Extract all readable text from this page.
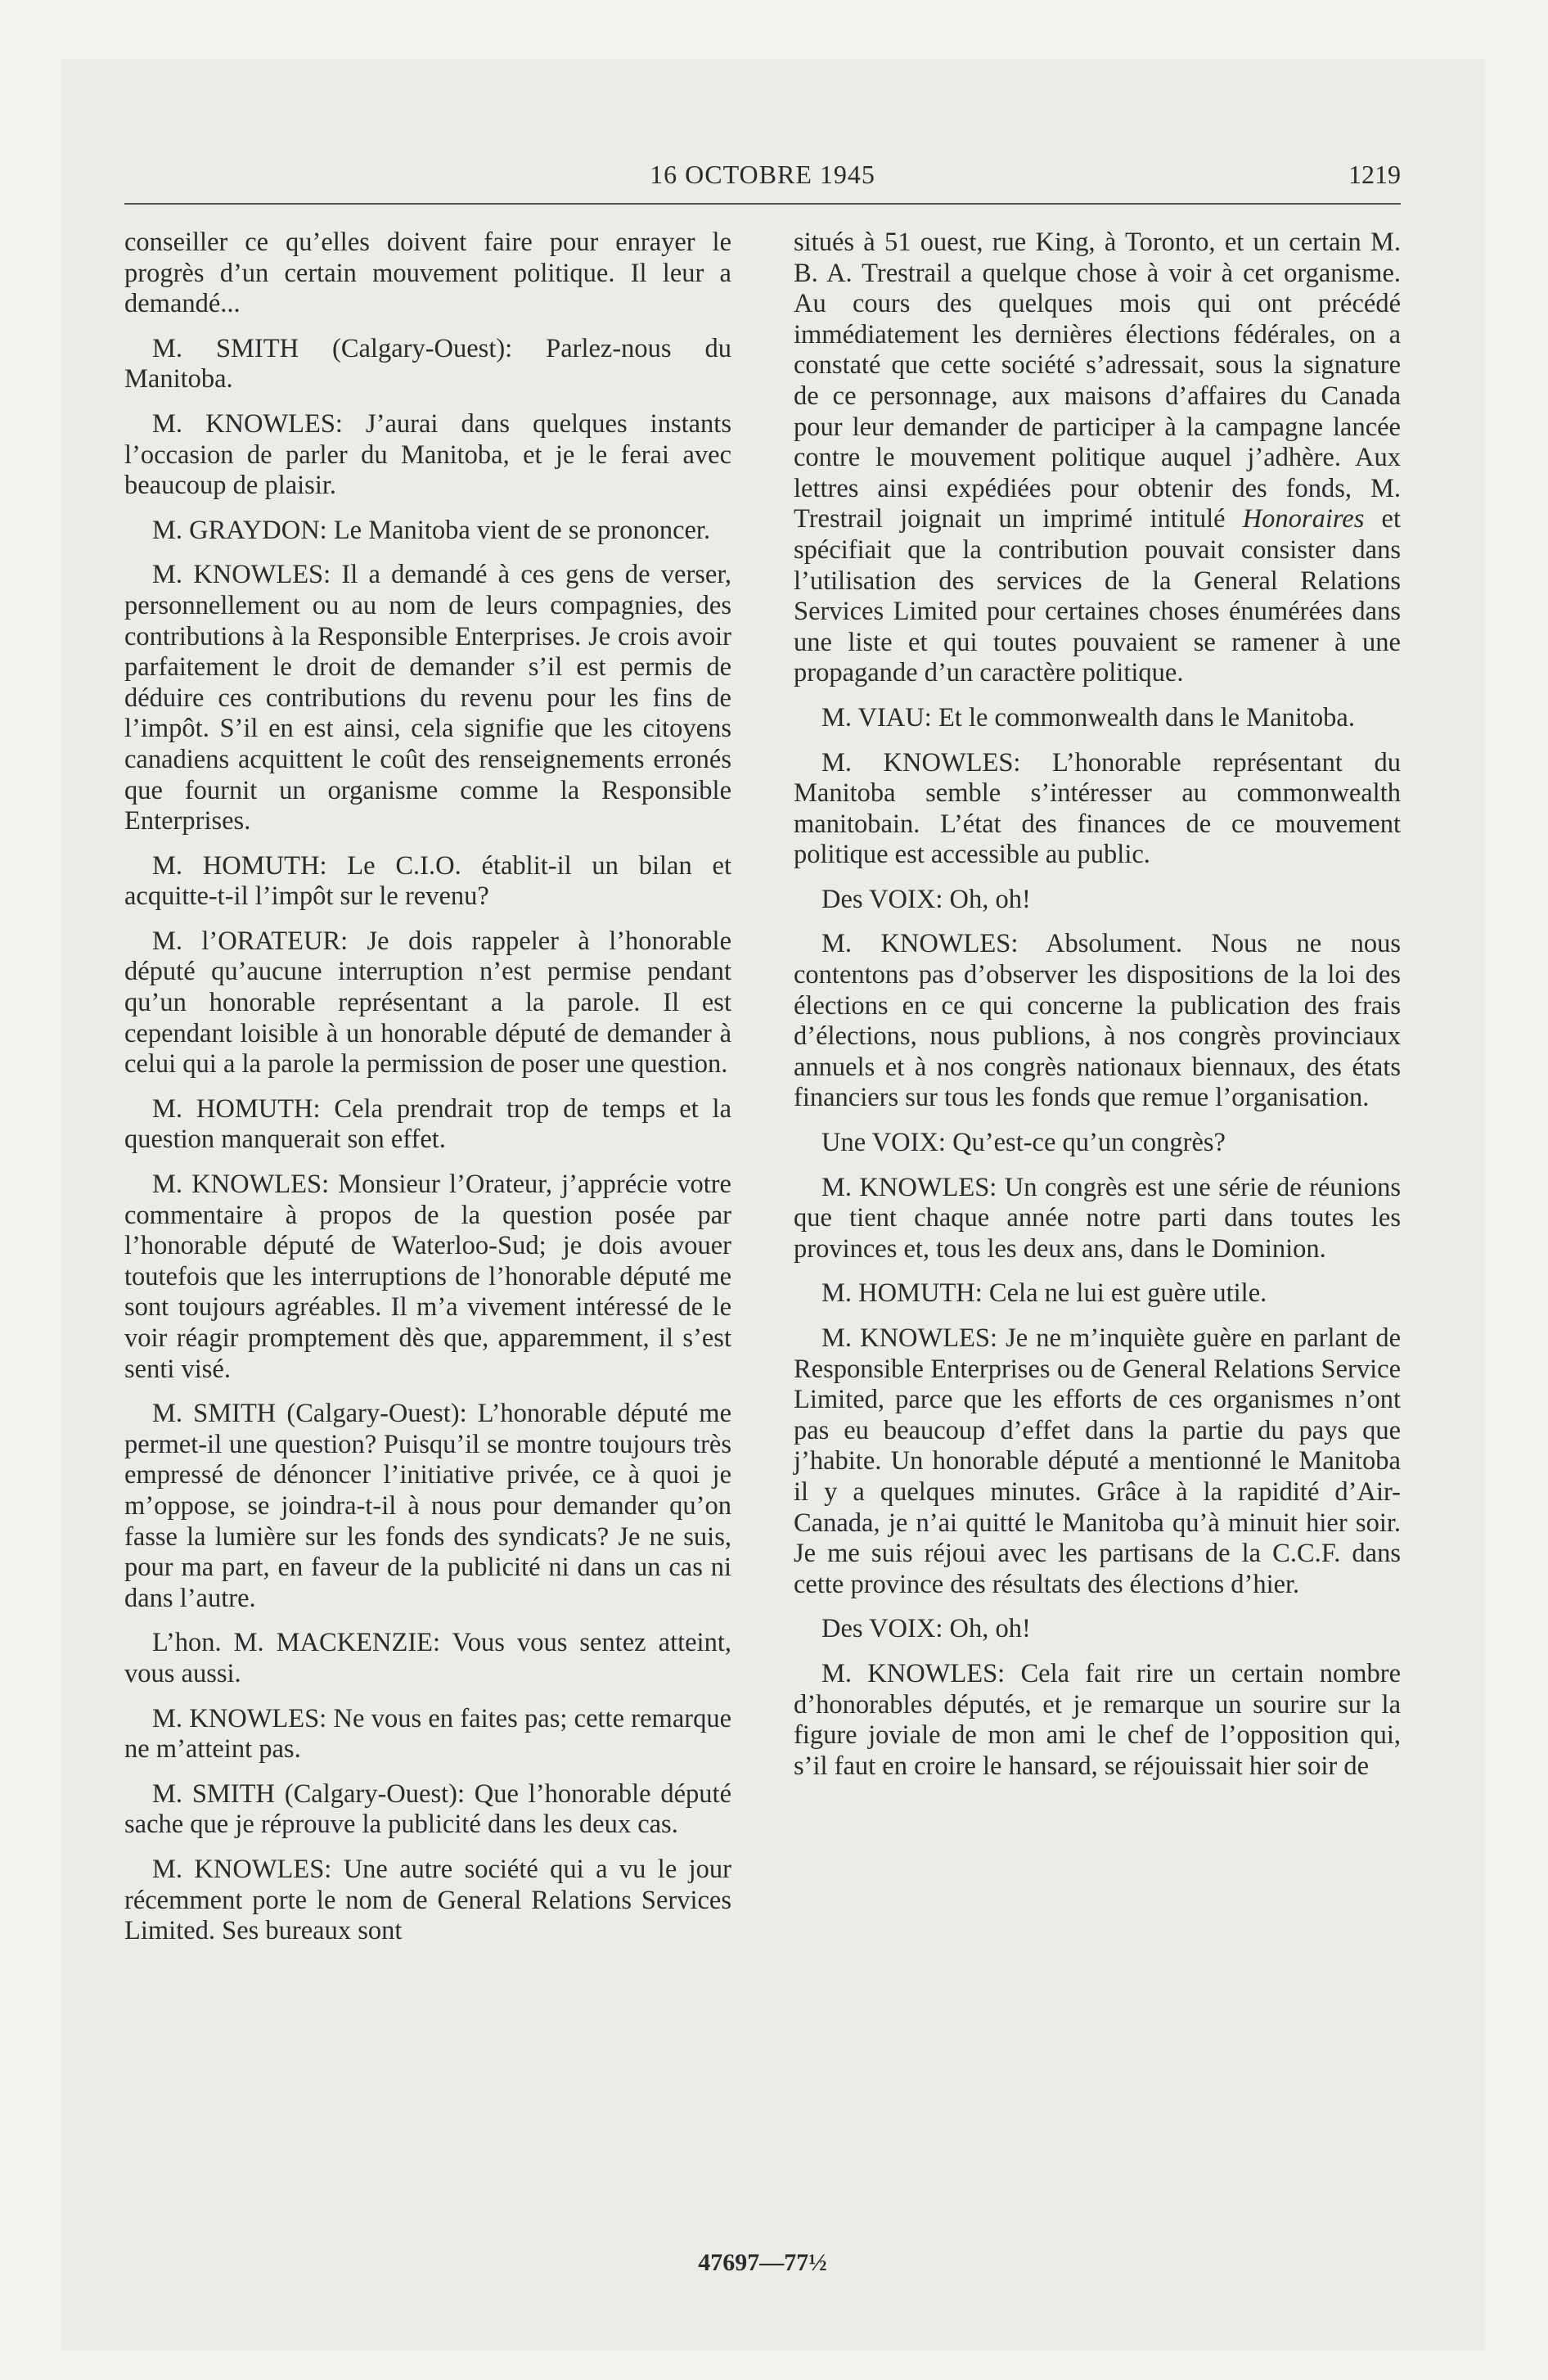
16 OCTOBRE 1945	1219

conseiller ce qu’elles doivent faire pour enrayer le progrès d’un certain mouvement politique. Il leur a demandé...

M. SMITH (Calgary-Ouest): Parlez-nous du Manitoba.

M. KNOWLES: J’aurai dans quelques instants l’occasion de parler du Manitoba, et je le ferai avec beaucoup de plaisir.

M. GRAYDON: Le Manitoba vient de se prononcer.

M. KNOWLES: Il a demandé à ces gens de verser, personnellement ou au nom de leurs compagnies, des contributions à la Responsible Enterprises. Je crois avoir parfaitement le droit de demander s’il est permis de déduire ces contributions du revenu pour les fins de l’impôt. S’il en est ainsi, cela signifie que les citoyens canadiens acquittent le coût des renseignements erronés que fournit un organisme comme la Responsible Enterprises.

M. HOMUTH: Le C.I.O. établit-il un bilan et acquitte-t-il l’impôt sur le revenu?

M. l’ORATEUR: Je dois rappeler à l’honorable député qu’aucune interruption n’est permise pendant qu’un honorable représentant a la parole. Il est cependant loisible à un honorable député de demander à celui qui a la parole la permission de poser une question.

M. HOMUTH: Cela prendrait trop de temps et la question manquerait son effet.

M. KNOWLES: Monsieur l’Orateur, j’apprécie votre commentaire à propos de la question posée par l’honorable député de Waterloo-Sud; je dois avouer toutefois que les interruptions de l’honorable député me sont toujours agréables. Il m’a vivement intéressé de le voir réagir promptement dès que, apparemment, il s’est senti visé.

M. SMITH (Calgary-Ouest): L’honorable député me permet-il une question? Puisqu’il se montre toujours très empressé de dénoncer l’initiative privée, ce à quoi je m’oppose, se joindra-t-il à nous pour demander qu’on fasse la lumière sur les fonds des syndicats? Je ne suis, pour ma part, en faveur de la publicité ni dans un cas ni dans l’autre.

L’hon. M. MACKENZIE: Vous vous sentez atteint, vous aussi.

M. KNOWLES: Ne vous en faites pas; cette remarque ne m’atteint pas.

M. SMITH (Calgary-Ouest): Que l’honorable député sache que je réprouve la publicité dans les deux cas.

M. KNOWLES: Une autre société qui a vu le jour récemment porte le nom de General Relations Services Limited. Ses bureaux sont

situés à 51 ouest, rue King, à Toronto, et un certain M. B. A. Trestrail a quelque chose à voir à cet organisme. Au cours des quelques mois qui ont précédé immédiatement les dernières élections fédérales, on a constaté que cette société s’adressait, sous la signature de ce personnage, aux maisons d’affaires du Canada pour leur demander de participer à la campagne lancée contre le mouvement politique auquel j’adhère. Aux lettres ainsi expédiées pour obtenir des fonds, M. Trestrail joignait un imprimé intitulé Honoraires et spécifiait que la contribution pouvait consister dans l’utilisation des services de la General Relations Services Limited pour certaines choses énumérées dans une liste et qui toutes pouvaient se ramener à une propagande d’un caractère politique.

M. VIAU: Et le commonwealth dans le Manitoba.

M. KNOWLES: L’honorable représentant du Manitoba semble s’intéresser au commonwealth manitobain. L’état des finances de ce mouvement politique est accessible au public.

Des VOIX: Oh, oh!

M. KNOWLES: Absolument. Nous ne nous contentons pas d’observer les dispositions de la loi des élections en ce qui concerne la publication des frais d’élections, nous publions, à nos congrès provinciaux annuels et à nos congrès nationaux biennaux, des états financiers sur tous les fonds que remue l’organisation.

Une VOIX: Qu’est-ce qu’un congrès?

M. KNOWLES: Un congrès est une série de réunions que tient chaque année notre parti dans toutes les provinces et, tous les deux ans, dans le Dominion.

M. HOMUTH: Cela ne lui est guère utile.

M. KNOWLES: Je ne m’inquiète guère en parlant de Responsible Enterprises ou de General Relations Service Limited, parce que les efforts de ces organismes n’ont pas eu beaucoup d’effet dans la partie du pays que j’habite. Un honorable député a mentionné le Manitoba il y a quelques minutes. Grâce à la rapidité d’Air-Canada, je n’ai quitté le Manitoba qu’à minuit hier soir. Je me suis réjoui avec les partisans de la C.C.F. dans cette province des résultats des élections d’hier.

Des VOIX: Oh, oh!

M. KNOWLES: Cela fait rire un certain nombre d’honorables députés, et je remarque un sourire sur la figure joviale de mon ami le chef de l’opposition qui, s’il faut en croire le hansard, se réjouissait hier soir de

47697—77½
